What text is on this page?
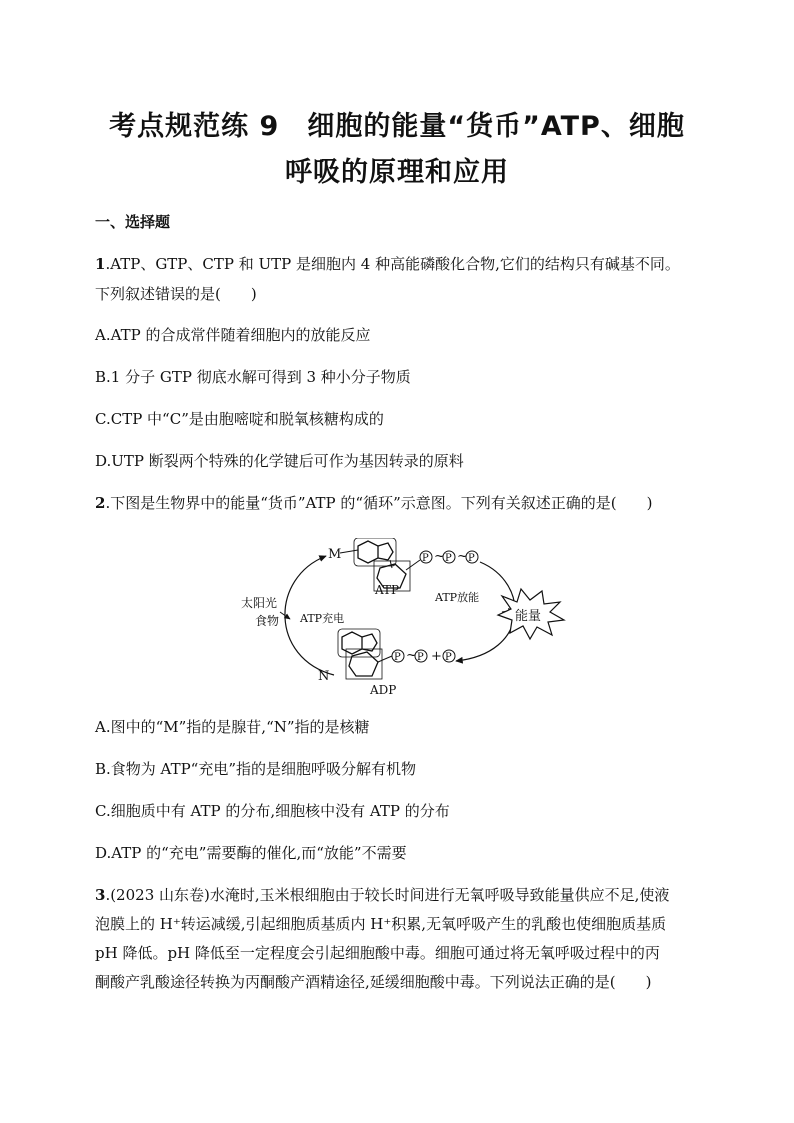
考点规范练 9　细胞的能量“货币”ATP、细胞
呼吸的原理和应用
一、选择题
1.ATP、GTP、CTP 和 UTP 是细胞内 4 种高能磷酸化合物,它们的结构只有碱基不同。
下列叙述错误的是(　　)
A.ATP 的合成常伴随着细胞内的放能反应
B.1 分子 GTP 彻底水解可得到 3 种小分子物质
C.CTP 中“C”是由胞嘧啶和脱氧核糖构成的
D.UTP 断裂两个特殊的化学键后可作为基因转录的原料
2.下图是生物界中的能量“货币”ATP 的“循环”示意图。下列有关叙述正确的是(　　)
M	P ~ P ~ P
ATP
ATP充电
太阳光
食物
ATP放能
能量
N
P ~ P + P
ADP
A.图中的“M”指的是腺苷,“N”指的是核糖
B.食物为 ATP“充电”指的是细胞呼吸分解有机物
C.细胞质中有 ATP 的分布,细胞核中没有 ATP 的分布
D.ATP 的“充电”需要酶的催化,而“放能”不需要
3.(2023 山东卷)水淹时,玉米根细胞由于较长时间进行无氧呼吸导致能量供应不足,使液
泡膜上的 H⁺转运减缓,引起细胞质基质内 H⁺积累,无氧呼吸产生的乳酸也使细胞质基质
pH 降低。pH 降低至一定程度会引起细胞酸中毒。细胞可通过将无氧呼吸过程中的丙
酮酸产乳酸途径转换为丙酮酸产酒精途径,延缓细胞酸中毒。下列说法正确的是(　　)
